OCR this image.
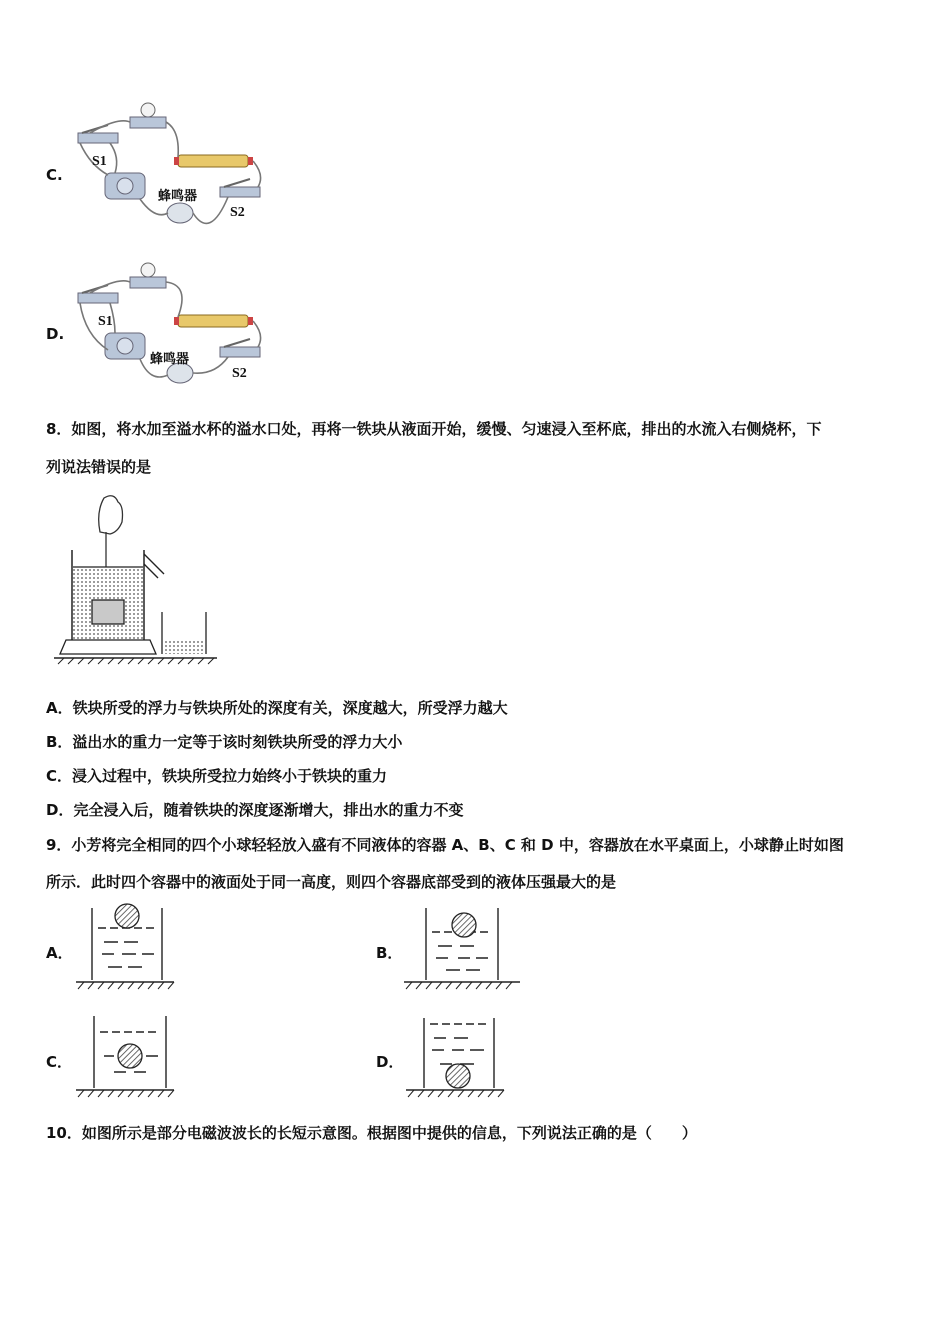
C.
S1
蜂鸣器
S2
D.
S1
蜂鸣器
S2
8．如图，将水加至溢水杯的溢水口处，再将一铁块从液面开始，缓慢、匀速浸入至杯底，排出的水流入右侧烧杯，下
列说法错误的是
A．铁块所受的浮力与铁块所处的深度有关，深度越大，所受浮力越大
B．溢出水的重力一定等于该时刻铁块所受的浮力大小
C．浸入过程中，铁块所受拉力始终小于铁块的重力
D．完全浸入后，随着铁块的深度逐渐增大，排出水的重力不变
9．小芳将完全相同的四个小球轻轻放入盛有不同液体的容器 A、B、C 和 D 中，容器放在水平桌面上，小球静止时如图
所示．此时四个容器中的液面处于同一高度，则四个容器底部受到的液体压强最大的是
A．	B．
C．	D．
10．如图所示是部分电磁波波长的长短示意图。根据图中提供的信息，下列说法正确的是（　　）
